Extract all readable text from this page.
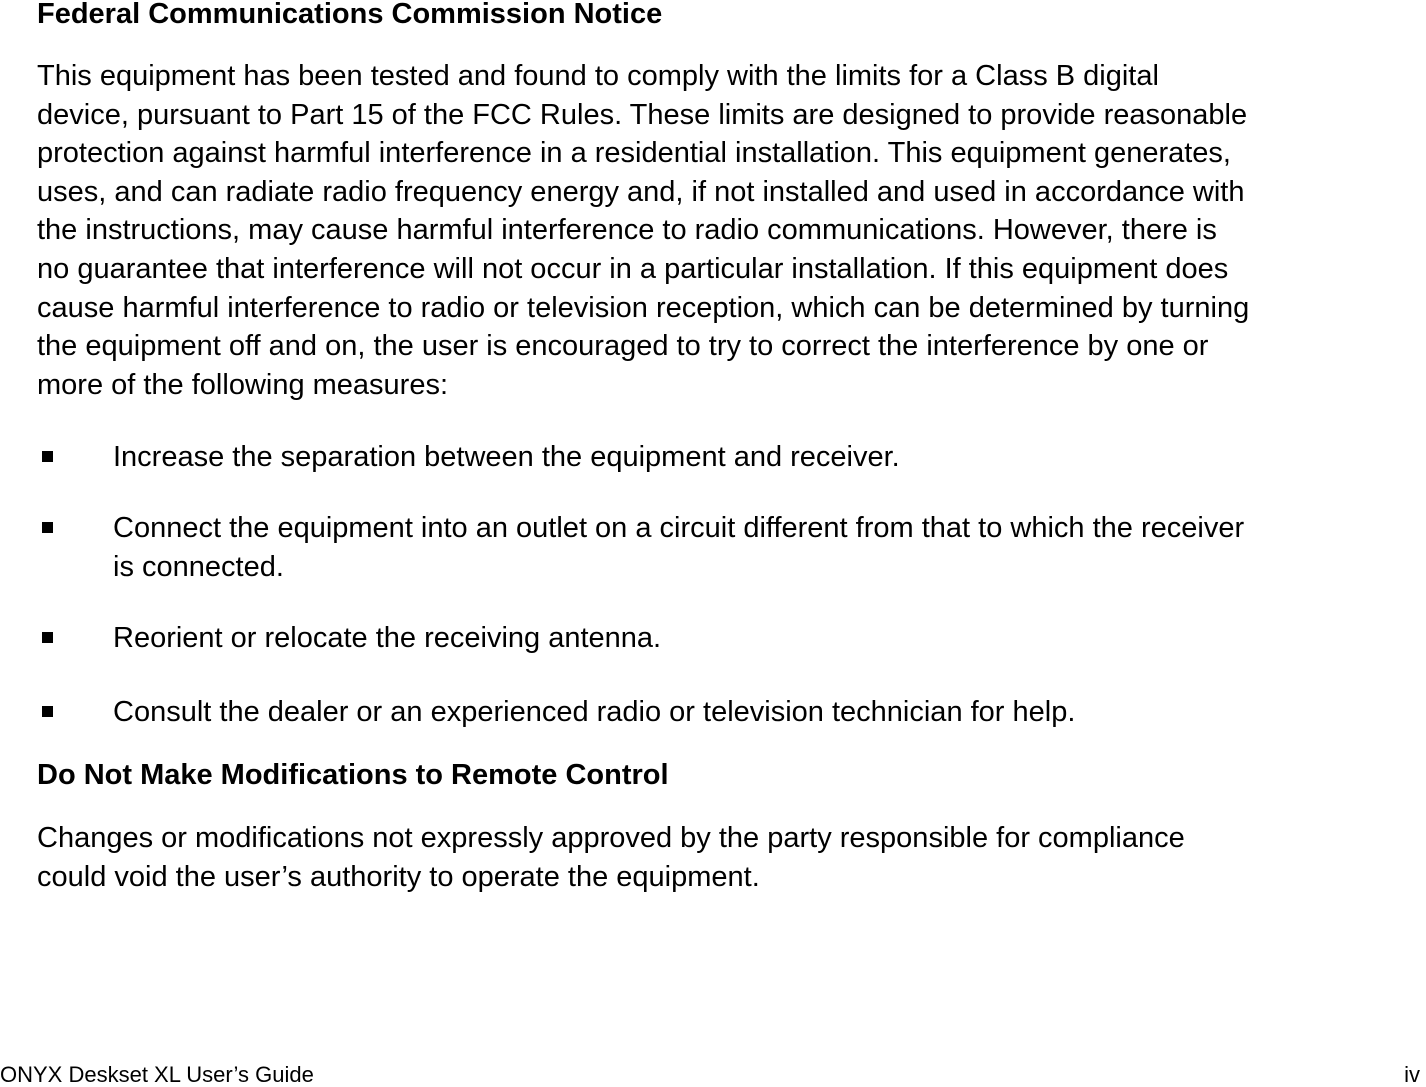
Federal Communications Commission Notice
This equipment has been tested and found to comply with the limits for a Class B digital
device, pursuant to Part 15 of the FCC Rules. These limits are designed to provide reasonable
protection against harmful interference in a residential installation. This equipment generates,
uses, and can radiate radio frequency energy and, if not installed and used in accordance with
the instructions, may cause harmful interference to radio communications. However, there is
no guarantee that interference will not occur in a particular installation. If this equipment does
cause harmful interference to radio or television reception, which can be determined by turning
the equipment off and on, the user is encouraged to try to correct the interference by one or
more of the following measures:
Increase the separation between the equipment and receiver.
Connect the equipment into an outlet on a circuit different from that to which the receiver
is connected.
Reorient or relocate the receiving antenna.
Consult the dealer or an experienced radio or television technician for help.
Do Not Make Modifications to Remote Control
Changes or modifications not expressly approved by the party responsible for compliance
could void the user’s authority to operate the equipment.
ONYX Deskset XL User’s Guide	iv
